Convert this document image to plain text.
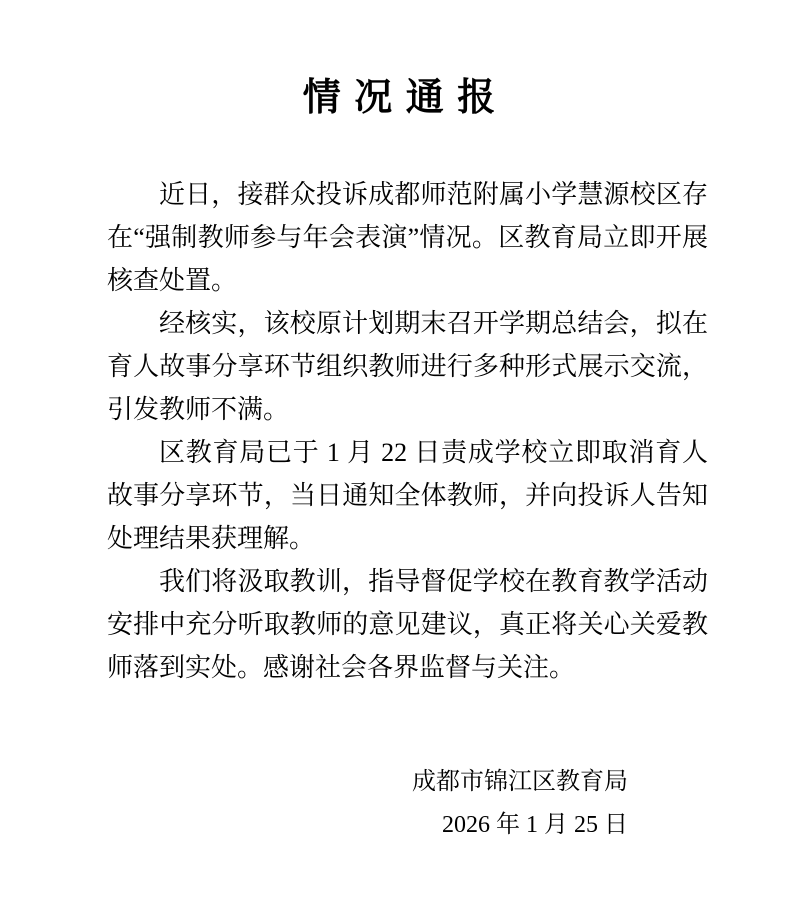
情 况 通 报

近日，接群众投诉成都师范附属小学慧源校区存在“强制教师参与年会表演”情况。区教育局立即开展核查处置。

经核实，该校原计划期末召开学期总结会，拟在育人故事分享环节组织教师进行多种形式展示交流，引发教师不满。

区教育局已于 1 月 22 日责成学校立即取消育人故事分享环节，当日通知全体教师，并向投诉人告知处理结果获理解。

我们将汲取教训，指导督促学校在教育教学活动安排中充分听取教师的意见建议，真正将关心关爱教师落到实处。感谢社会各界监督与关注。

成都市锦江区教育局

2026 年 1 月 25 日
